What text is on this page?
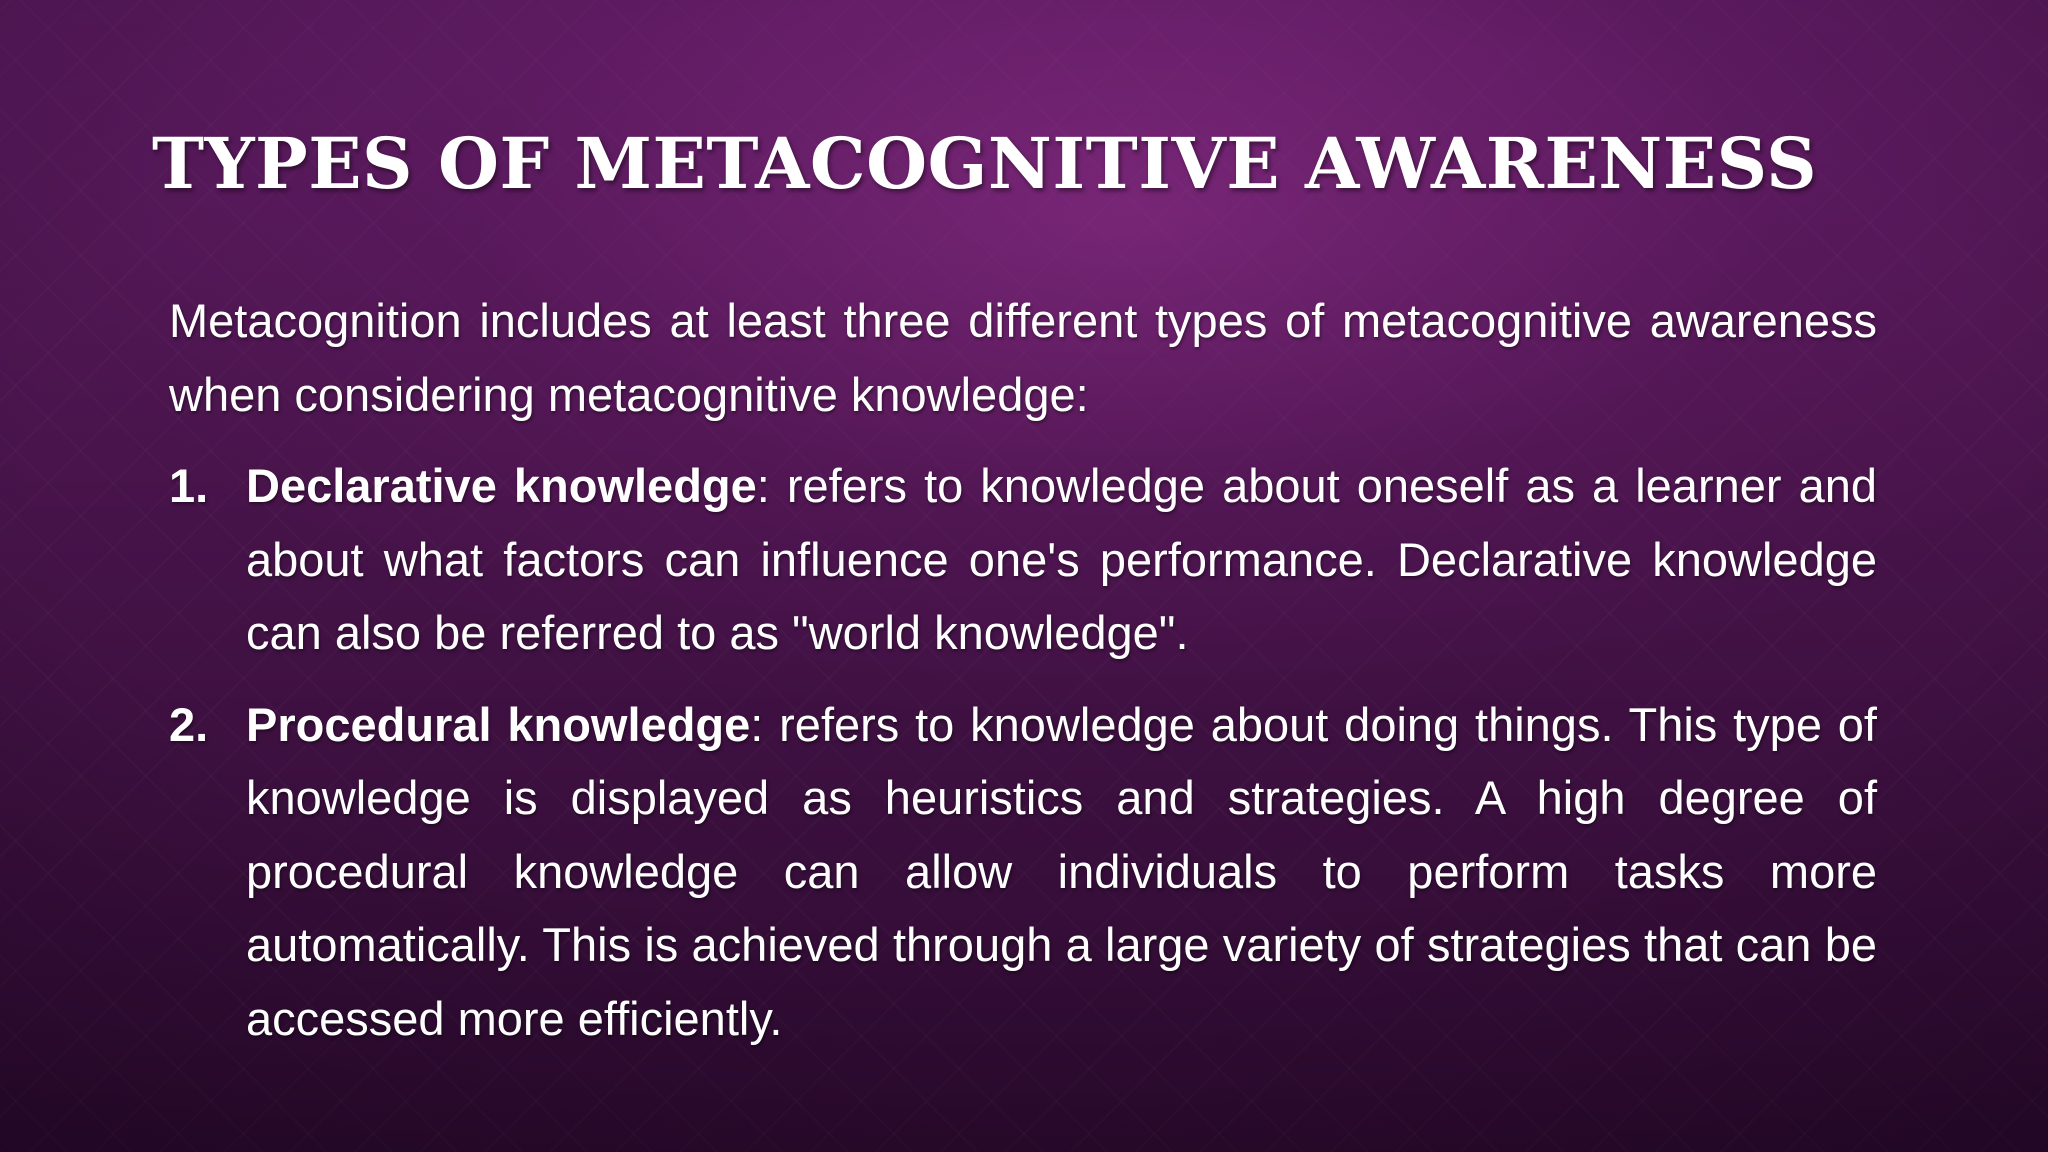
TYPES OF METACOGNITIVE AWARENESS

Metacognition includes at least three different types of metacognitive awareness when considering metacognitive knowledge:

1. Declarative knowledge: refers to knowledge about oneself as a learner and about what factors can influence one's performance. Declarative knowledge can also be referred to as "world knowledge".
2. Procedural knowledge: refers to knowledge about doing things. This type of knowledge is displayed as heuristics and strategies. A high degree of procedural knowledge can allow individuals to perform tasks more automatically. This is achieved through a large variety of strategies that can be accessed more efficiently.
